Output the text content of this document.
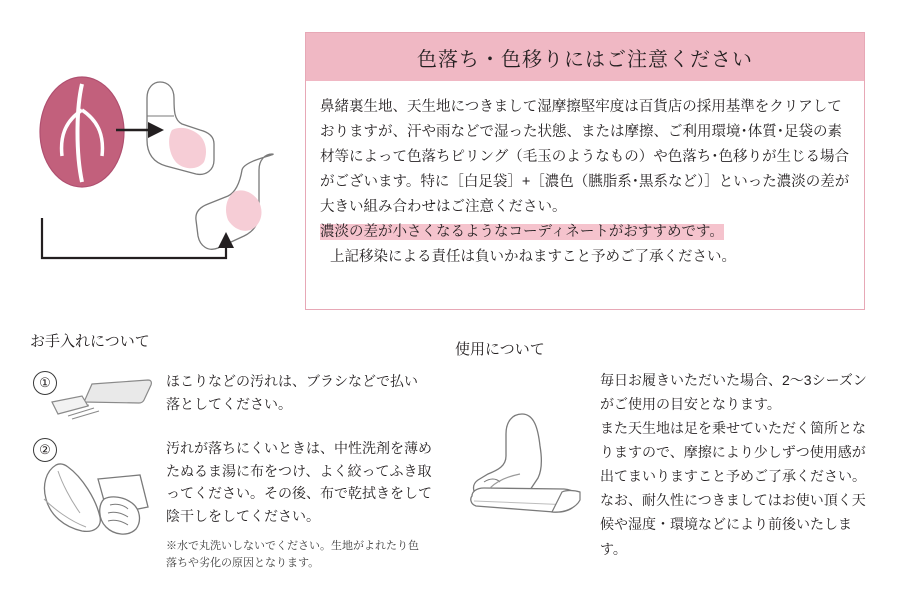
色落ち・色移りにはご注意ください

鼻緒裏生地、天生地につきまして湿摩擦堅牢度は百貨店の採用基準をクリアしておりますが、汗や雨などで湿った状態、または摩擦、ご利用環境･体質･足袋の素材等によって色落ちピリング（毛玉のようなもの）や色落ち･色移りが生じる場合がございます。特に［白足袋］+［濃色（臙脂系･黒系など）］といった濃淡の差が大きい組み合わせはご注意ください。

濃淡の差が小さくなるようなコーディネートがおすすめです。

上記移染による責任は負いかねますこと予めご了承ください。

お手入れについて
①	ほこりなどの汚れは、ブラシなどで払い落としてください。
②	汚れが落ちにくいときは、中性洗剤を薄めたぬるま湯に布をつけ、よく絞ってふき取ってください。その後、布で乾拭きをして陰干しをしてください。
※水で丸洗いしないでください。生地がよれたり色落ちや劣化の原因となります。
使用について

毎日お履きいただいた場合、2～3シーズンがご使用の目安となります。

また天生地は足を乗せていただく箇所となりますので、摩擦により少しずつ使用感が出てまいりますこと予めご了承ください。

なお、耐久性につきましてはお使い頂く天候や湿度・環境などにより前後いたします。
